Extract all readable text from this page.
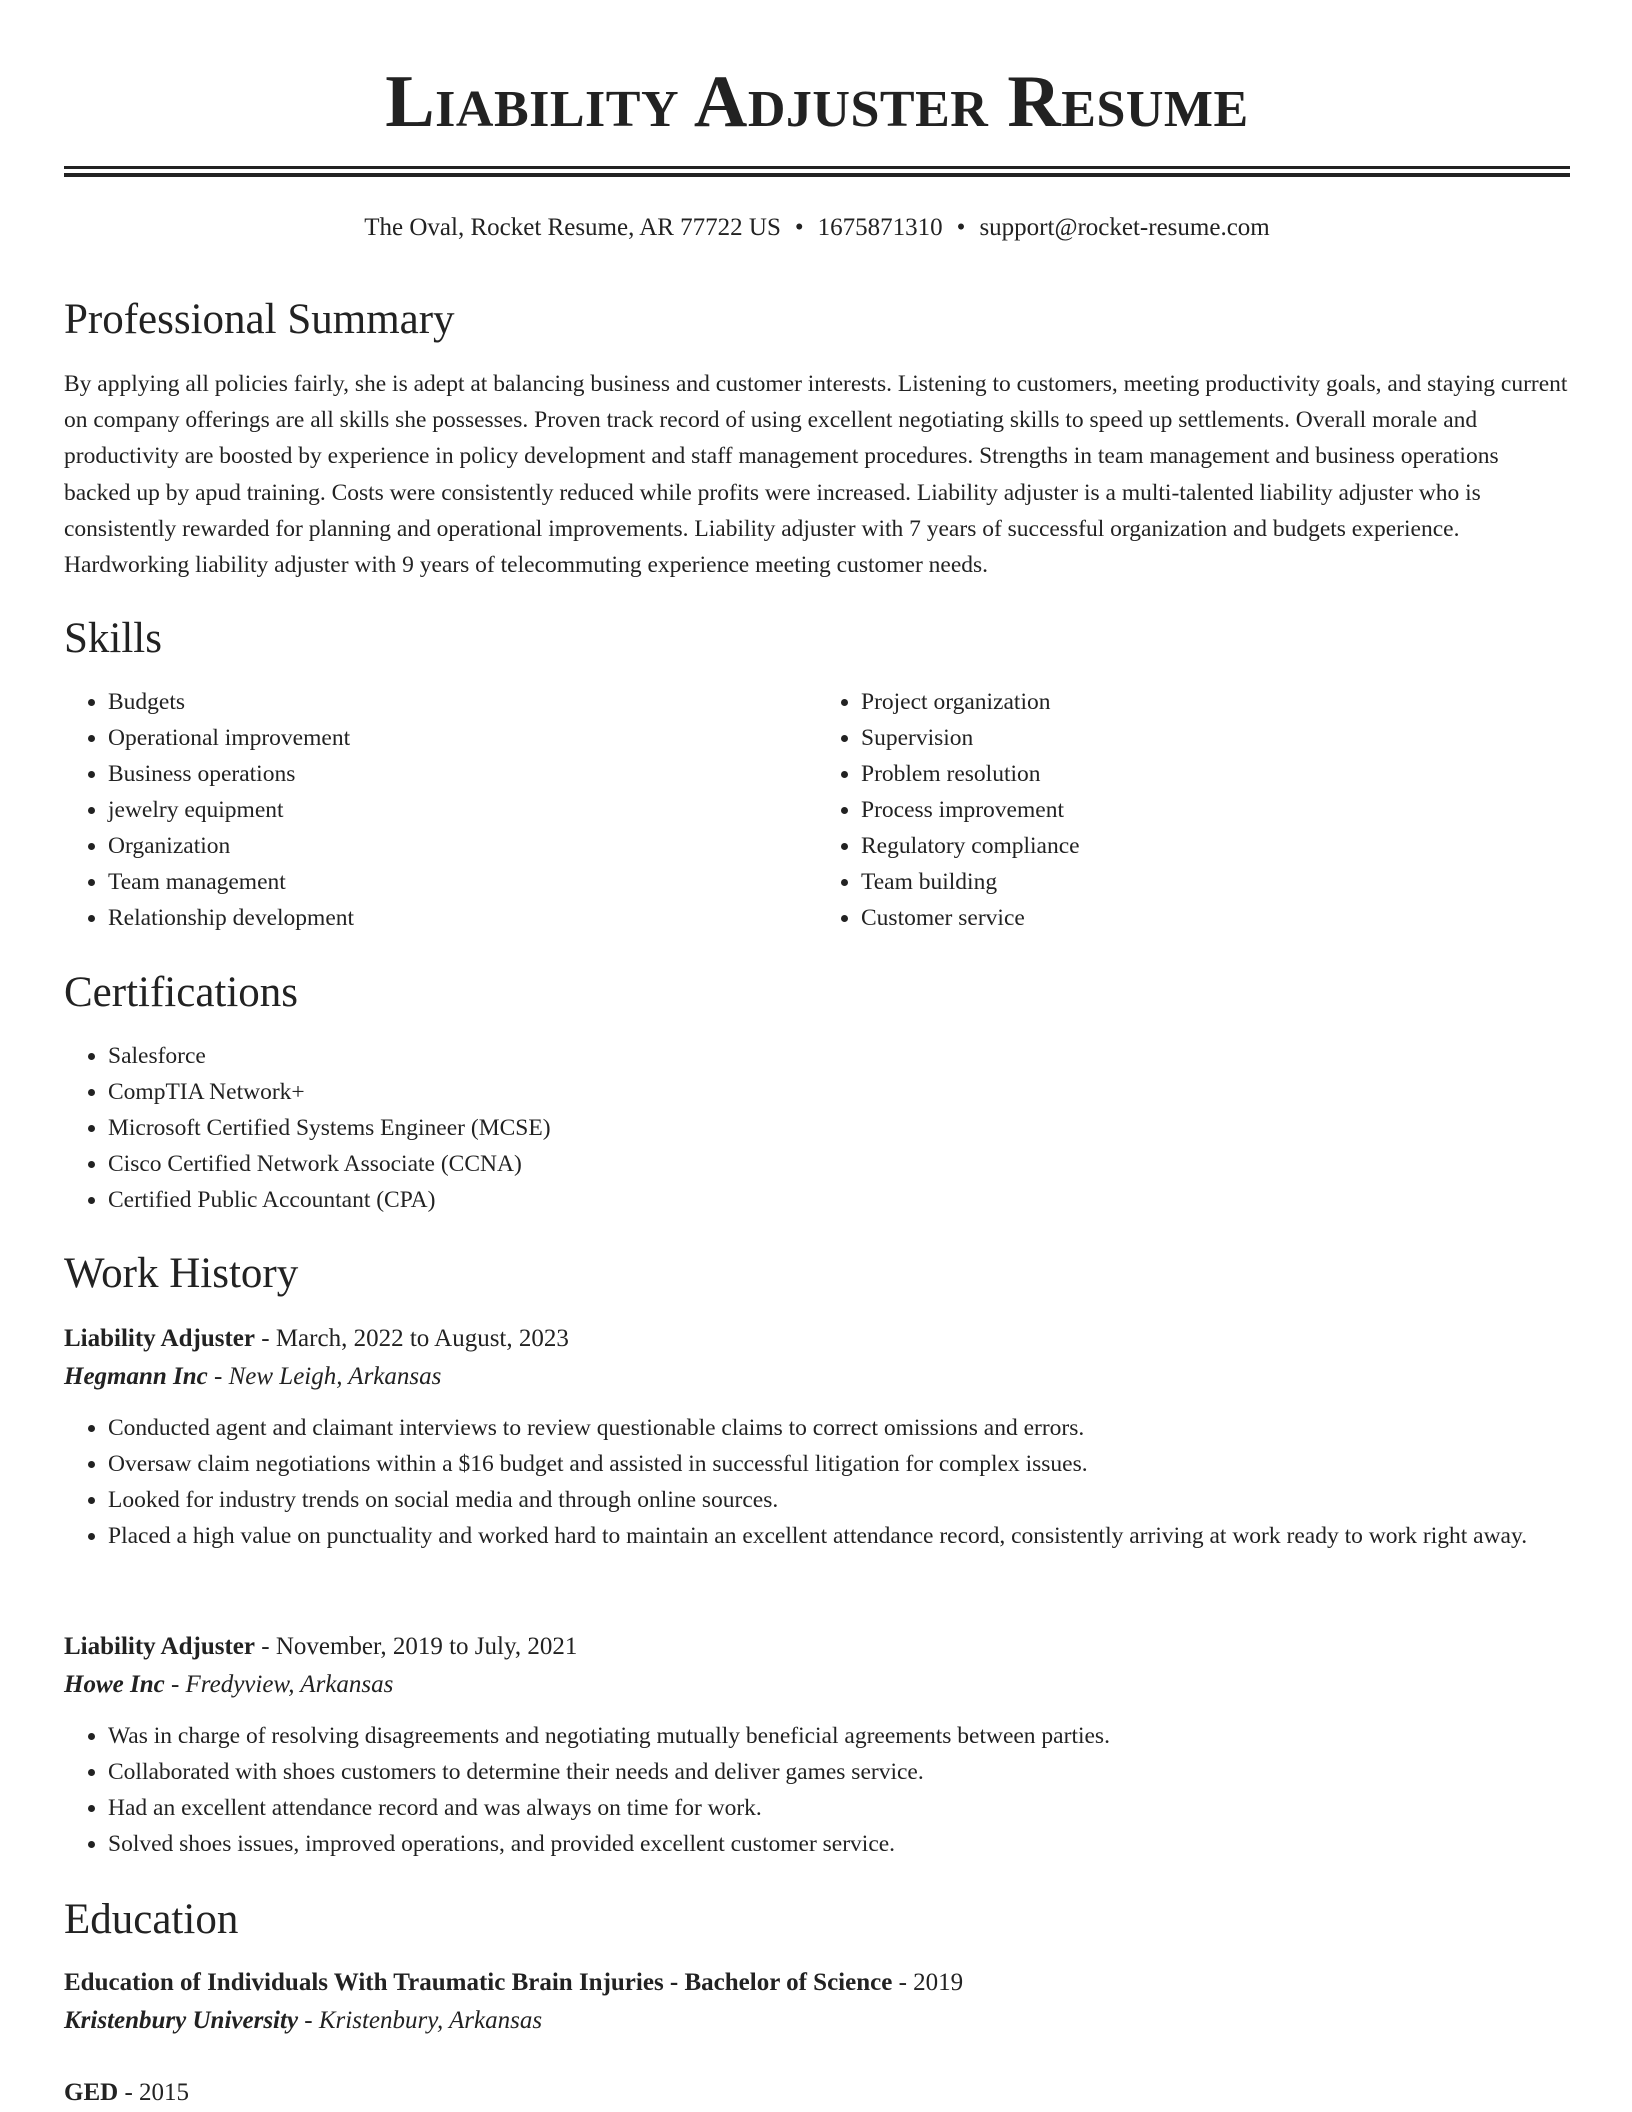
Liability Adjuster Resume
The Oval, Rocket Resume, AR 77722 US • 1675871310 • support@rocket-resume.com
Professional Summary

By applying all policies fairly, she is adept at balancing business and customer interests. Listening to customers, meeting productivity goals, and staying current on company offerings are all skills she possesses. Proven track record of using excellent negotiating skills to speed up settlements. Overall morale and productivity are boosted by experience in policy development and staff management procedures. Strengths in team management and business operations backed up by apud training. Costs were consistently reduced while profits were increased. Liability adjuster is a multi-talented liability adjuster who is consistently rewarded for planning and operational improvements. Liability adjuster with 7 years of successful organization and budgets experience. Hardworking liability adjuster with 9 years of telecommuting experience meeting customer needs.

Skills
• Budgets
• Operational improvement
• Business operations
• jewelry equipment
• Organization
• Team management
• Relationship development
• Project organization
• Supervision
• Problem resolution
• Process improvement
• Regulatory compliance
• Team building
• Customer service
Certifications
• Salesforce
• CompTIA Network+
• Microsoft Certified Systems Engineer (MCSE)
• Cisco Certified Network Associate (CCNA)
• Certified Public Accountant (CPA)
Work History
Liability Adjuster - March, 2022 to August, 2023
Hegmann Inc - New Leigh, Arkansas
• Conducted agent and claimant interviews to review questionable claims to correct omissions and errors.
• Oversaw claim negotiations within a $16 budget and assisted in successful litigation for complex issues.
• Looked for industry trends on social media and through online sources.
• Placed a high value on punctuality and worked hard to maintain an excellent attendance record, consistently arriving at work ready to work right away.
Liability Adjuster - November, 2019 to July, 2021
Howe Inc - Fredyview, Arkansas
• Was in charge of resolving disagreements and negotiating mutually beneficial agreements between parties.
• Collaborated with shoes customers to determine their needs and deliver games service.
• Had an excellent attendance record and was always on time for work.
• Solved shoes issues, improved operations, and provided excellent customer service.
Education
Education of Individuals With Traumatic Brain Injuries - Bachelor of Science - 2019
Kristenbury University - Kristenbury, Arkansas
GED - 2015
